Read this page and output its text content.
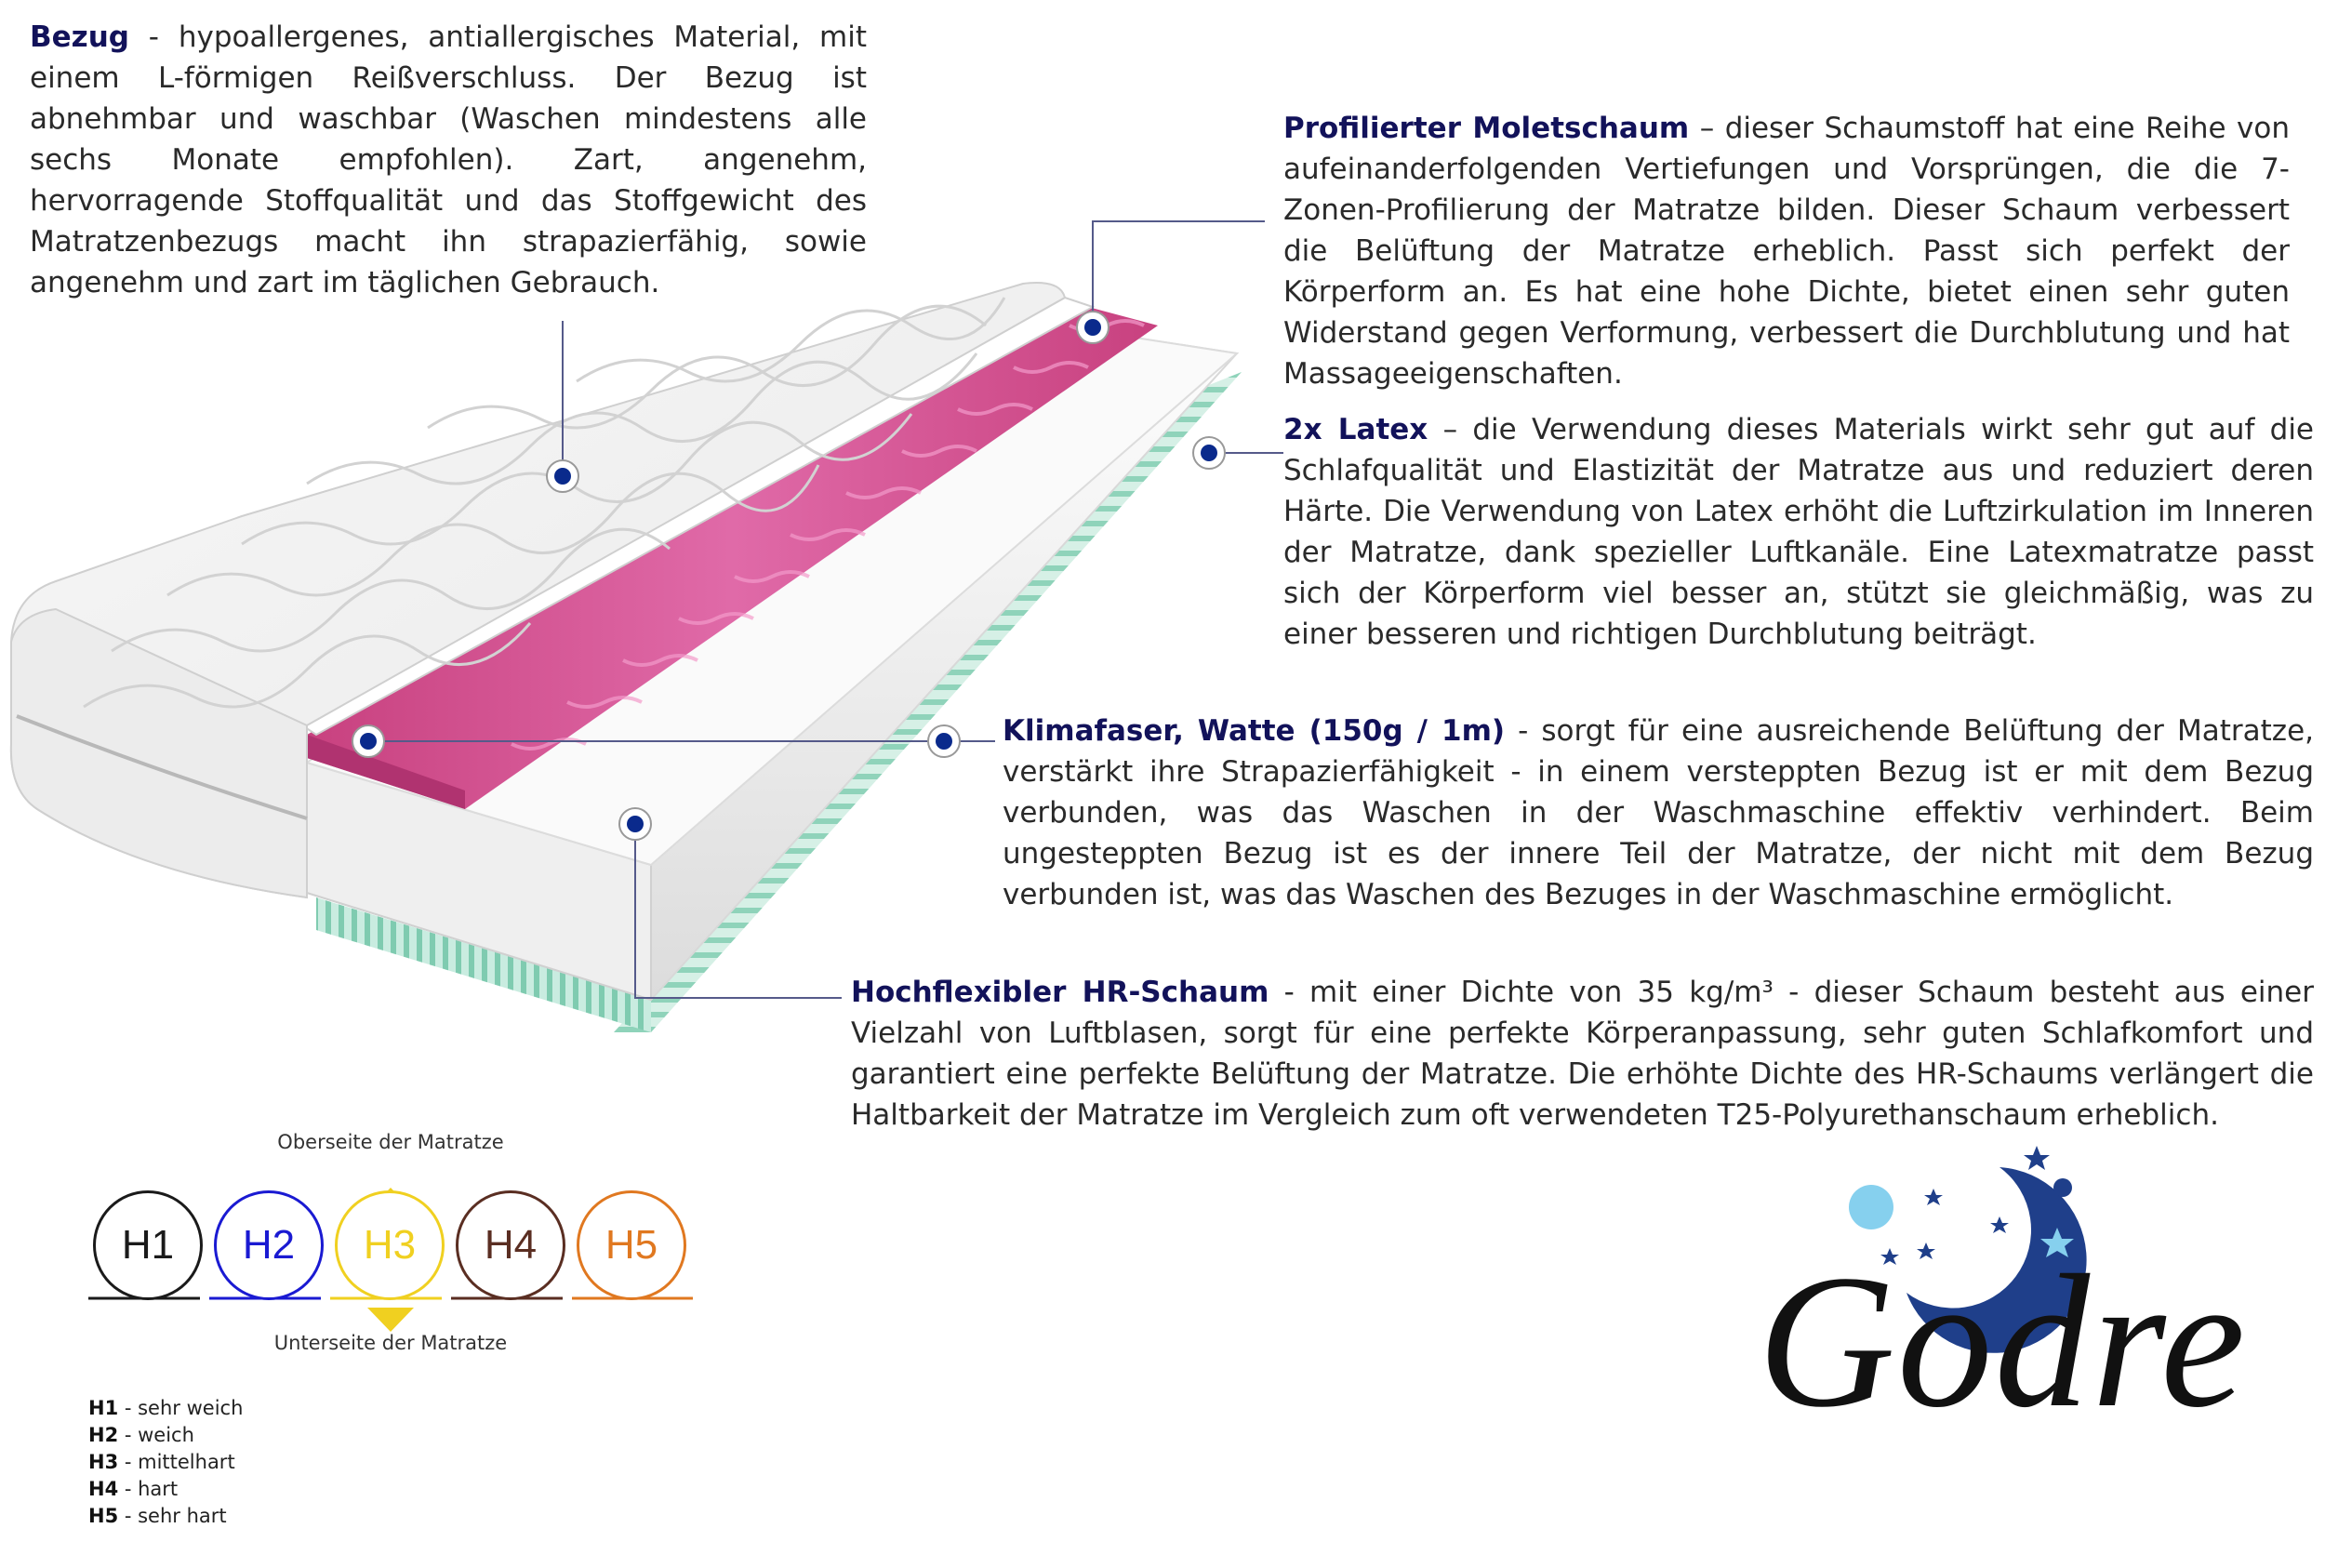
Bezug - hypoallergenes, antiallergisches Material, mit einem L-förmigen Reißverschluss. Der Bezug ist abnehmbar und waschbar (Waschen mindestens alle sechs Monate empfohlen). Zart, angenehm, hervorragende Stoffqualität und das Stoffgewicht des Matratzenbezugs macht ihn strapazierfähig, sowie angenehm und zart im täglichen Gebrauch.
Profilierter Moletschaum – dieser Schaumstoff hat eine Reihe von aufeinanderfolgenden Vertiefungen und Vorsprüngen, die die 7-Zonen-Profilierung der Matratze bilden. Dieser Schaum verbessert die Belüftung der Matratze erheblich. Passt sich perfekt der Körperform an. Es hat eine hohe Dichte, bietet einen sehr guten Widerstand gegen Verformung, verbessert die Durchblutung und hat Massageeigenschaften.
2x Latex – die Verwendung dieses Materials wirkt sehr gut auf die Schlafqualität und Elastizität der Matratze aus und reduziert deren Härte. Die Verwendung von Latex erhöht die Luftzirkulation im Inneren der Matratze, dank spezieller Luftkanäle. Eine Latexmatratze passt sich der Körperform viel besser an, stützt sie gleichmäßig, was zu einer besseren und richtigen Durchblutung beiträgt.
Klimafaser, Watte (150g / 1m) - sorgt für eine ausreichende Belüftung der Matratze, verstärkt ihre Strapazierfähigkeit - in einem versteppten Bezug ist er mit dem Bezug verbunden, was das Waschen in der Waschmaschine effektiv verhindert. Beim ungesteppten Bezug ist es der innere Teil der Matratze, der nicht mit dem Bezug verbunden ist, was das Waschen des Bezuges in der Waschmaschine ermöglicht.
Hochflexibler HR-Schaum - mit einer Dichte von 35 kg/m³ - dieser Schaum besteht aus einer Vielzahl von Luftblasen, sorgt für eine perfekte Körperanpassung, sehr guten Schlafkomfort und garantiert eine perfekte Belüftung der Matratze. Die erhöhte Dichte des HR-Schaums verlängert die Haltbarkeit der Matratze im Vergleich zum oft verwendeten T25-Polyurethanschaum erheblich.
Oberseite der Matratze
Unterseite der Matratze
H1 H2 H3 H4 H5
H1 - sehr weich
H2 - weich
H3 - mittelhart
H4 - hart
H5 - sehr hart
Godre
